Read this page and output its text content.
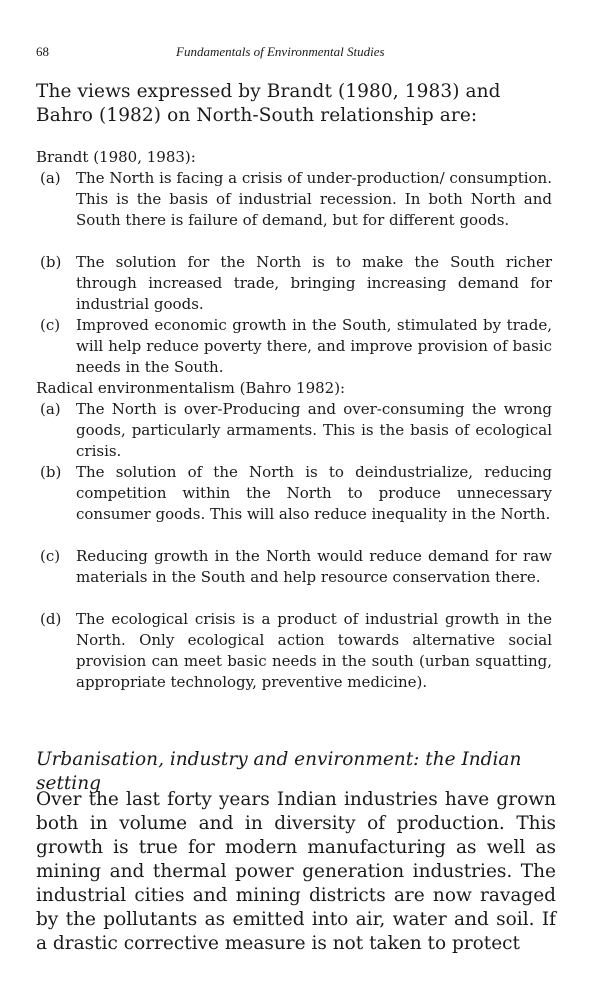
68	Fundamentals of Environmental Studies

The views expressed by Brandt (1980, 1983) and Bahro (1982) on North-South relationship are:

Brandt (1980, 1983):
(a) The North is facing a crisis of under-production/ consumption. This is the basis of industrial recession. In both North and South there is failure of demand, but for different goods.
(b) The solution for the North is to make the South richer through increased trade, bringing increasing demand for industrial goods.
(c) Improved economic growth in the South, stimulated by trade, will help reduce poverty there, and improve provision of basic needs in the South.
Radical environmentalism (Bahro 1982):
(a) The North is over-Producing and over-consuming the wrong goods, particularly armaments. This is the basis of ecological crisis.
(b) The solution of the North is to deindustrialize, reducing competition within the North to produce unnecessary consumer goods. This will also reduce inequality in the North.
(c) Reducing growth in the North would reduce demand for raw materials in the South and help resource conservation there.
(d) The ecological crisis is a product of industrial growth in the North. Only ecological action towards alternative social provision can meet basic needs in the south (urban squatting, appropriate technology, preventive medicine).
Urbanisation, industry and environment: the Indian setting

Over the last forty years Indian industries have grown both in volume and in diversity of production. This growth is true for modern manufacturing as well as mining and thermal power generation industries. The industrial cities and mining districts are now ravaged by the pollutants as emitted into air, water and soil. If a drastic corrective measure is not taken to protect
